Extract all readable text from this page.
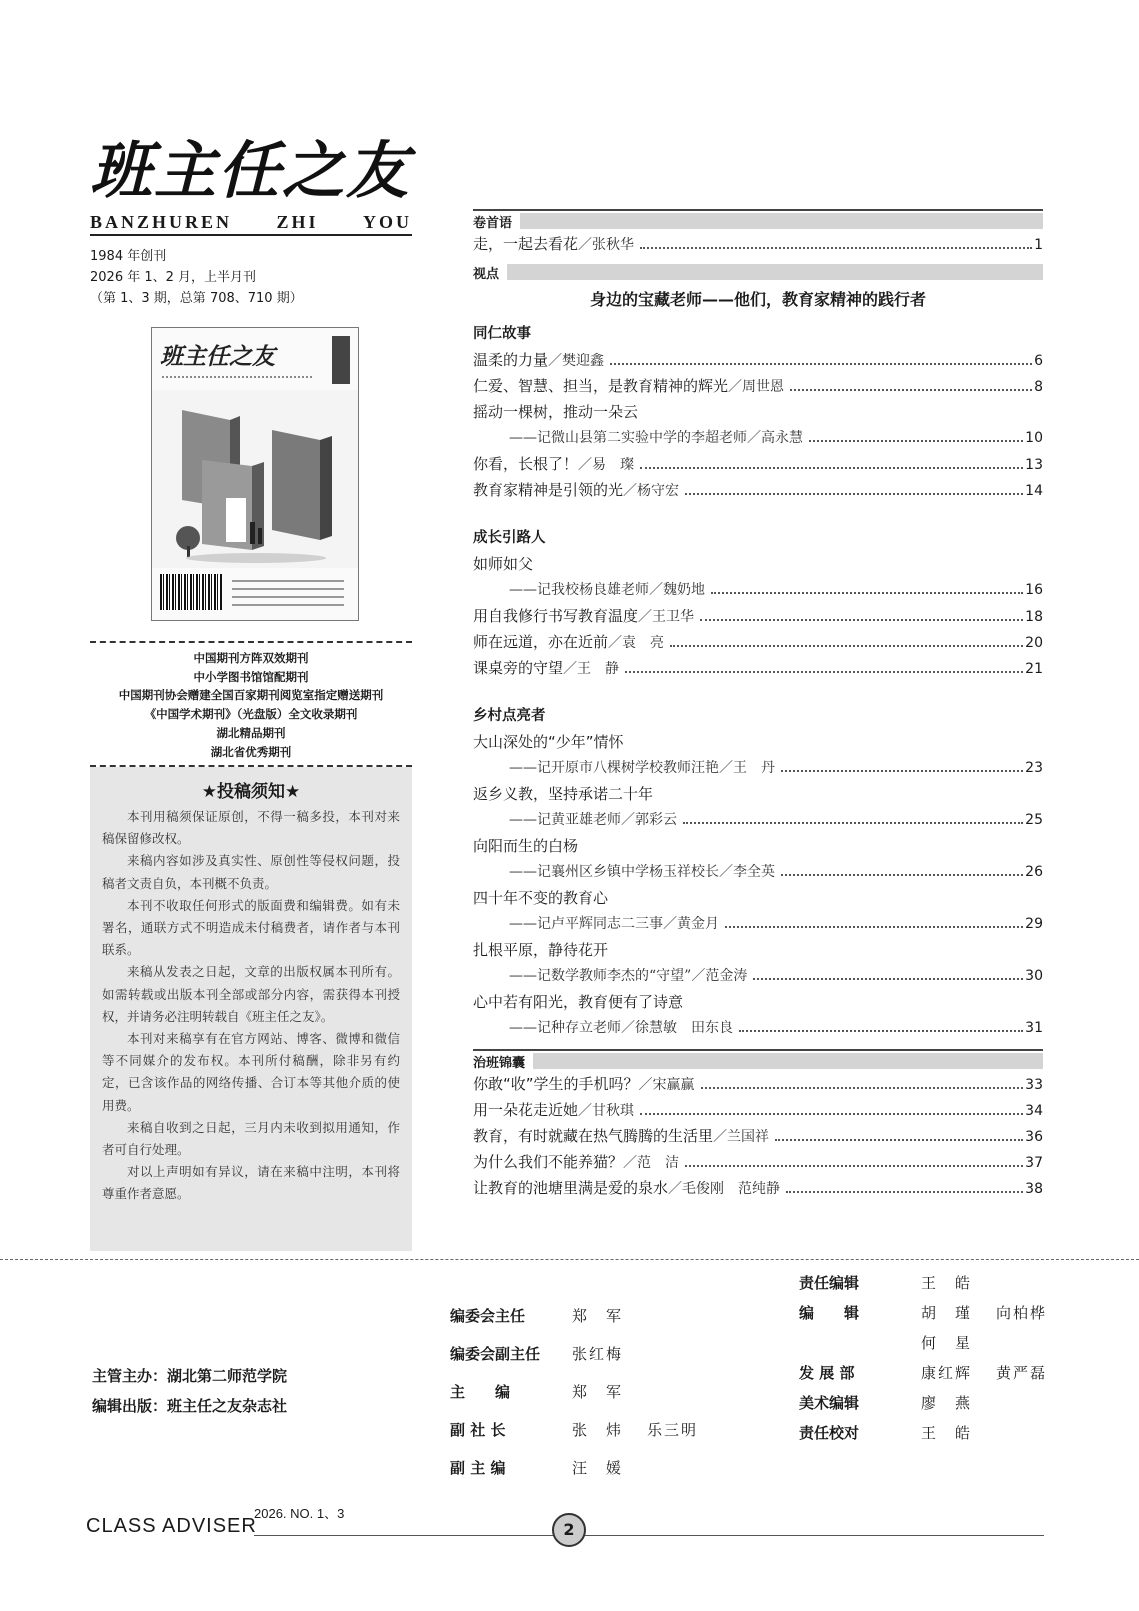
班主任之友
BANZHUREN ZHI YOU
1984 年创刊
2026 年 1、2 月，上半月刊
（第 1、3 期，总第 708、710 期）
班主任之友
中国期刊方阵双效期刊
中小学图书馆馆配期刊
中国期刊协会赠建全国百家期刊阅览室指定赠送期刊
《中国学术期刊》（光盘版）全文收录期刊
湖北精品期刊
湖北省优秀期刊
★投稿须知★

本刊用稿须保证原创，不得一稿多投，本刊对来稿保留修改权。

来稿内容如涉及真实性、原创性等侵权问题，投稿者文责自负，本刊概不负责。

本刊不收取任何形式的版面费和编辑费。如有未署名，通联方式不明造成未付稿费者，请作者与本刊联系。

来稿从发表之日起，文章的出版权属本刊所有。如需转载或出版本刊全部或部分内容，需获得本刊授权，并请务必注明转载自《班主任之友》。

本刊对来稿享有在官方网站、博客、微博和微信等不同媒介的发布权。本刊所付稿酬，除非另有约定，已含该作品的网络传播、合订本等其他介质的使用费。

来稿自收到之日起，三月内未收到拟用通知，作者可自行处理。

对以上声明如有异议，请在来稿中注明，本刊将尊重作者意愿。

卷首语
走，一起去看花 ／ 张秋华	1
视点
身边的宝藏老师——他们，教育家精神的践行者
同仁故事
温柔的力量 ／ 樊迎鑫	6
仁爱、智慧、担当，是教育精神的辉光 ／ 周世恩	8
摇动一棵树，推动一朵云
——记微山县第二实验中学的李超老师 ／ 高永慧	10
你看，长根了！ ／ 易　璨	13
教育家精神是引领的光 ／ 杨守宏	14
成长引路人
如师如父
——记我校杨良雄老师 ／ 魏奶地	16
用自我修行书写教育温度 ／ 王卫华	18
师在远道，亦在近前 ／ 袁　亮	20
课桌旁的守望 ／ 王　静	21
乡村点亮者
大山深处的“少年”情怀
——记开原市八棵树学校教师汪艳 ／ 王　丹	23
返乡义教，坚持承诺二十年
——记黄亚雄老师 ／ 郭彩云	25
向阳而生的白杨
——记襄州区乡镇中学杨玉祥校长 ／ 李全英	26
四十年不变的教育心
——记卢平辉同志二三事 ／ 黄金月	29
扎根平原，静待花开
——记数学教师李杰的“守望” ／ 范金涛	30
心中若有阳光，教育便有了诗意
——记种存立老师 ／ 徐慧敏　田东良	31
治班锦囊
你敢“收”学生的手机吗？ ／ 宋赢赢	33
用一朵花走近她 ／ 甘秋琪	34
教育，有时就藏在热气腾腾的生活里 ／ 兰国祥	36
为什么我们不能养猫？ ／ 范　洁	37
让教育的池塘里满是爱的泉水 ／ 毛俊刚　范纯静	38
主管主办：湖北第二师范学院
编辑出版：班主任之友杂志社
编委会主任	郑　军
编委会副主任	张红梅
主　　编	郑　军
副 社 长	张　炜 乐三明
副 主 编	汪　媛
责任编辑	王　皓
编　　辑	胡　瑾 向柏桦
何　星
发 展 部	康红辉 黄严磊
美术编辑	廖　燕
责任校对	王　皓
CLASS ADVISER
2026. NO. 1、3
2
